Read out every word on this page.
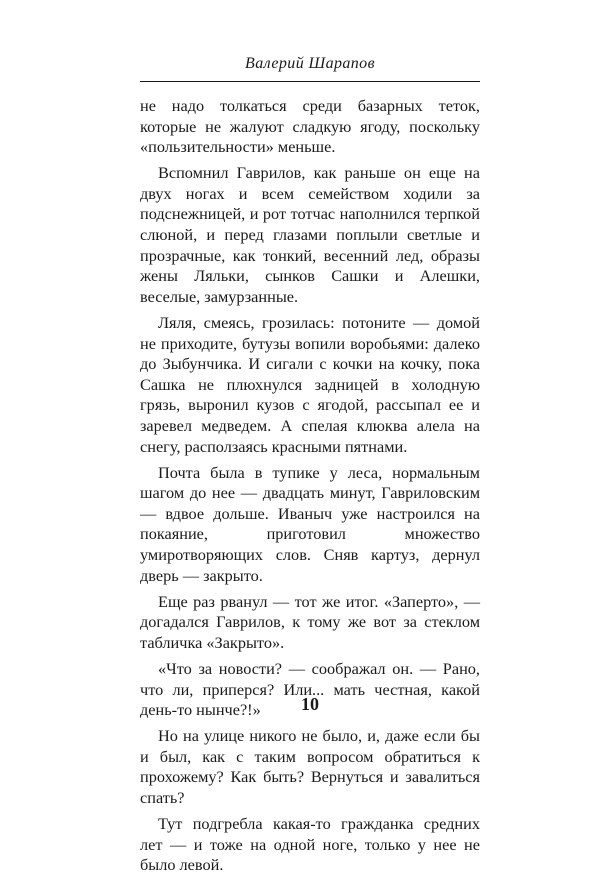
Валерий Шарапов

не надо толкаться среди базарных теток, которые не жалуют сладкую ягоду, поскольку «пользительности» меньше.

Вспомнил Гаврилов, как раньше он еще на двух ногах и всем семейством ходили за подснежницей, и рот тотчас наполнился терпкой слюной, и перед глазами поплыли светлые и прозрачные, как тонкий, весенний лед, образы жены Ляльки, сынков Сашки и Алешки, веселые, замурзанные.

Ляля, смеясь, грозилась: потоните — домой не приходите, бутузы вопили воробьями: далеко до Зыбунчика. И сигали с кочки на кочку, пока Сашка не плюхнулся задницей в холодную грязь, выронил кузов с ягодой, рассыпал ее и заревел медведем. А спелая клюква алела на снегу, расползаясь красными пятнами.

Почта была в тупике у леса, нормальным шагом до нее — двадцать минут, Гавриловским — вдвое дольше. Иваныч уже настроился на покаяние, приготовил множество умиротворяющих слов. Сняв картуз, дернул дверь — закрыто.

Еще раз рванул — тот же итог. «Заперто», — догадался Гаврилов, к тому же вот за стеклом табличка «Закрыто».

«Что за новости? — соображал он. — Рано, что ли, приперся? Или... мать честная, какой день-то нынче?!»

Но на улице никого не было, и, даже если бы и был, как с таким вопросом обратиться к прохожему? Как быть? Вернуться и завалиться спать?

Тут подгребла какая-то гражданка средних лет — и тоже на одной ноге, только у нее не было левой.

10
